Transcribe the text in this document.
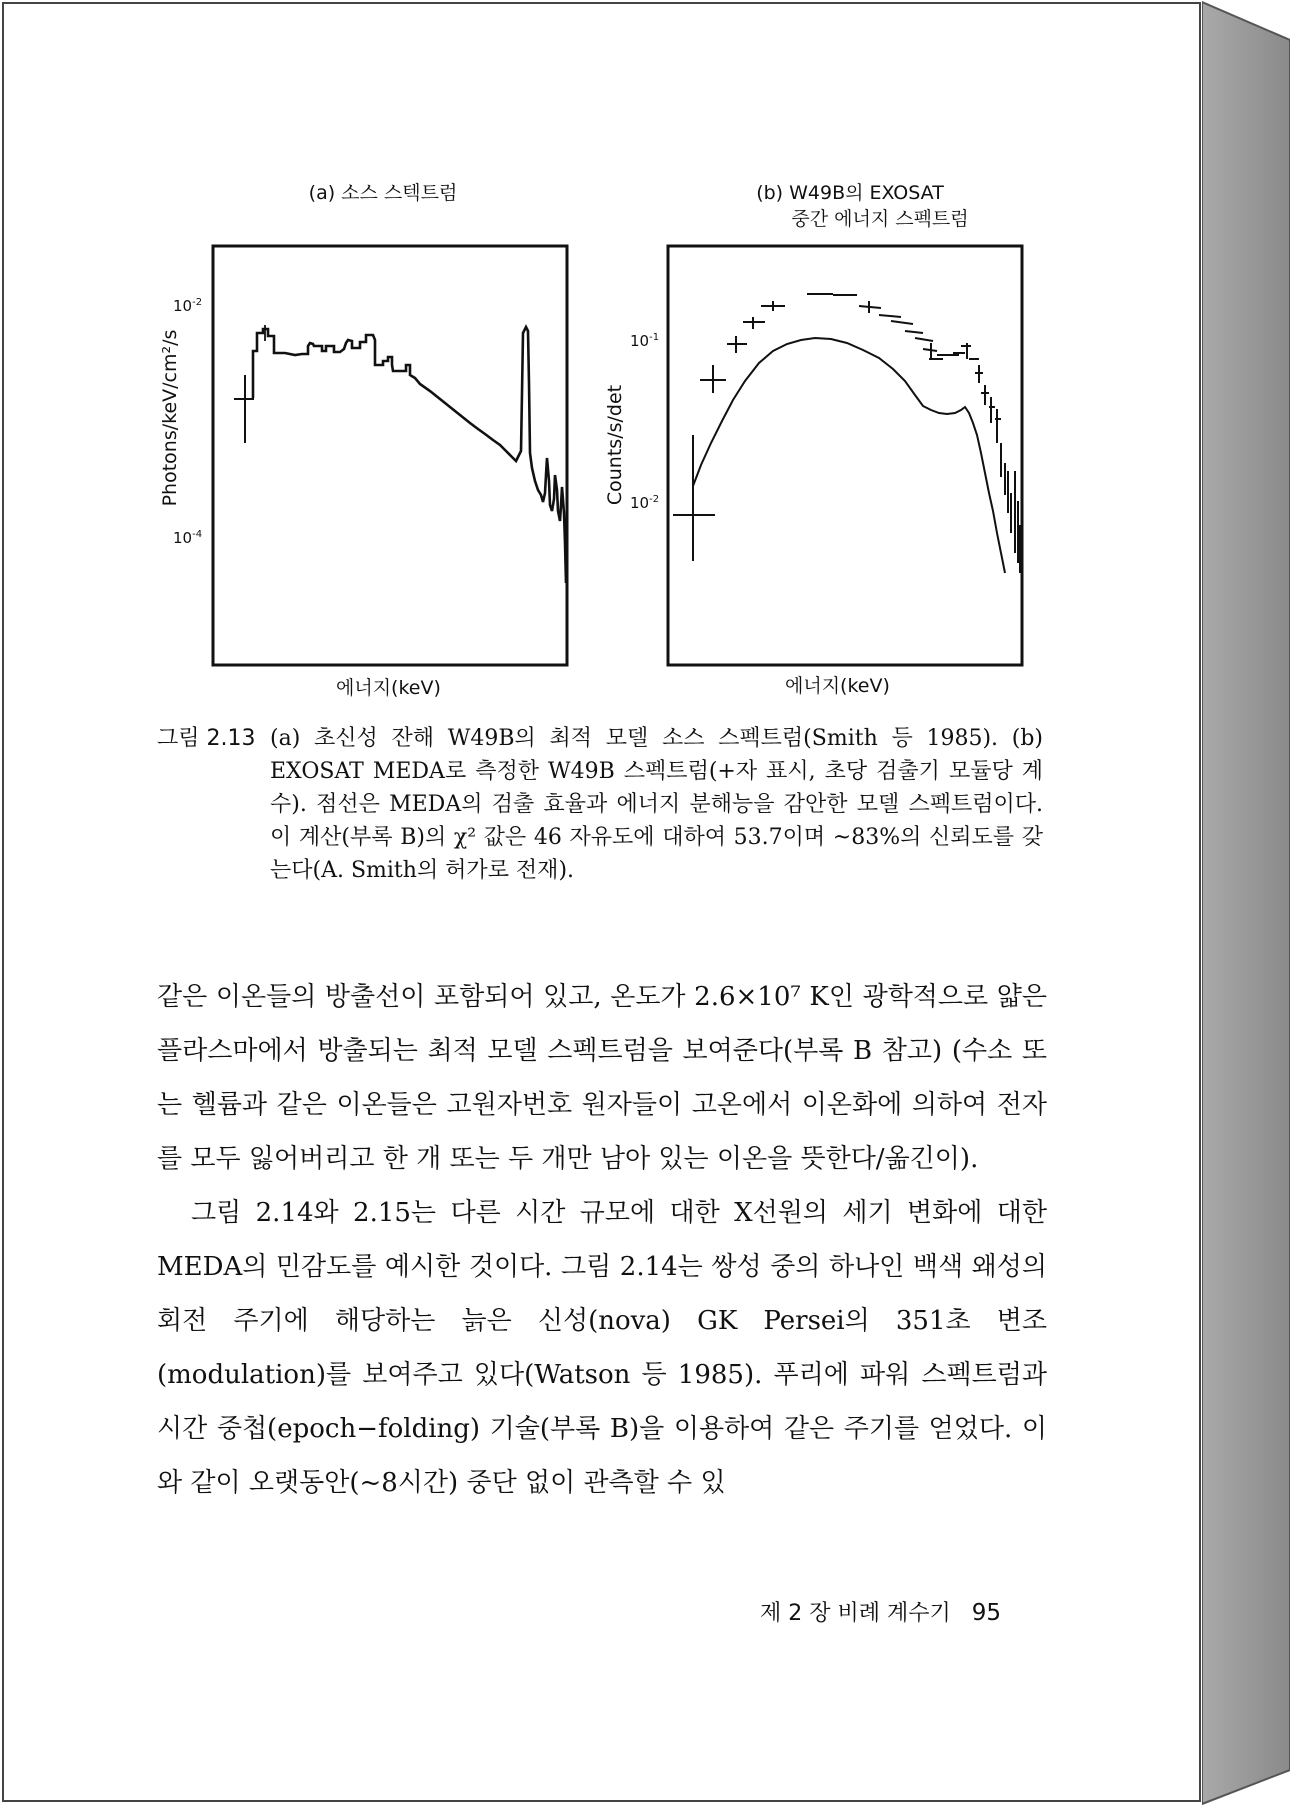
(a) 소스 스텍트럼
Photons/keV/cm²/s
$10^{-2}$
$10^{-4}$
에너지(keV)
(b) W49B의 EXOSAT
중간 에너지 스펙트럼
Counts/s/det
$10^{-1}$
$10^{-2}$
에너지(keV)
그림 2.13 (a) 초신성 잔해 W49B의 최적 모델 소스 스펙트럼(Smith 등 1985). (b) EXOSAT MEDA로 측정한 W49B 스펙트럼(+자 표시, 초당 검출기 모듈당 계수). 점선은 MEDA의 검출 효율과 에너지 분해능을 감안한 모델 스펙트럼이다. 이 계산(부록 B)의 χ² 값은 46 자유도에 대하여 53.7이며 ~83%의 신뢰도를 갖는다(A. Smith의 허가로 전재).

같은 이온들의 방출선이 포함되어 있고, 온도가 2.6×10⁷ K인 광학적으로 얇은 플라스마에서 방출되는 최적 모델 스펙트럼을 보여준다(부록 B 참고) (수소 또는 헬륨과 같은 이온들은 고원자번호 원자들이 고온에서 이온화에 의하여 전자를 모두 잃어버리고 한 개 또는 두 개만 남아 있는 이온을 뜻한다/옮긴이).

그림 2.14와 2.15는 다른 시간 규모에 대한 X선원의 세기 변화에 대한 MEDA의 민감도를 예시한 것이다. 그림 2.14는 쌍성 중의 하나인 백색 왜성의 회전 주기에 해당하는 늙은 신성(nova) GK Persei의 351초 변조(modulation)를 보여주고 있다(Watson 등 1985). 푸리에 파워 스펙트럼과 시간 중첩(epoch−folding) 기술(부록 B)을 이용하여 같은 주기를 얻었다. 이와 같이 오랫동안(~8시간) 중단 없이 관측할 수 있

제 2 장 비례 계수기 95
